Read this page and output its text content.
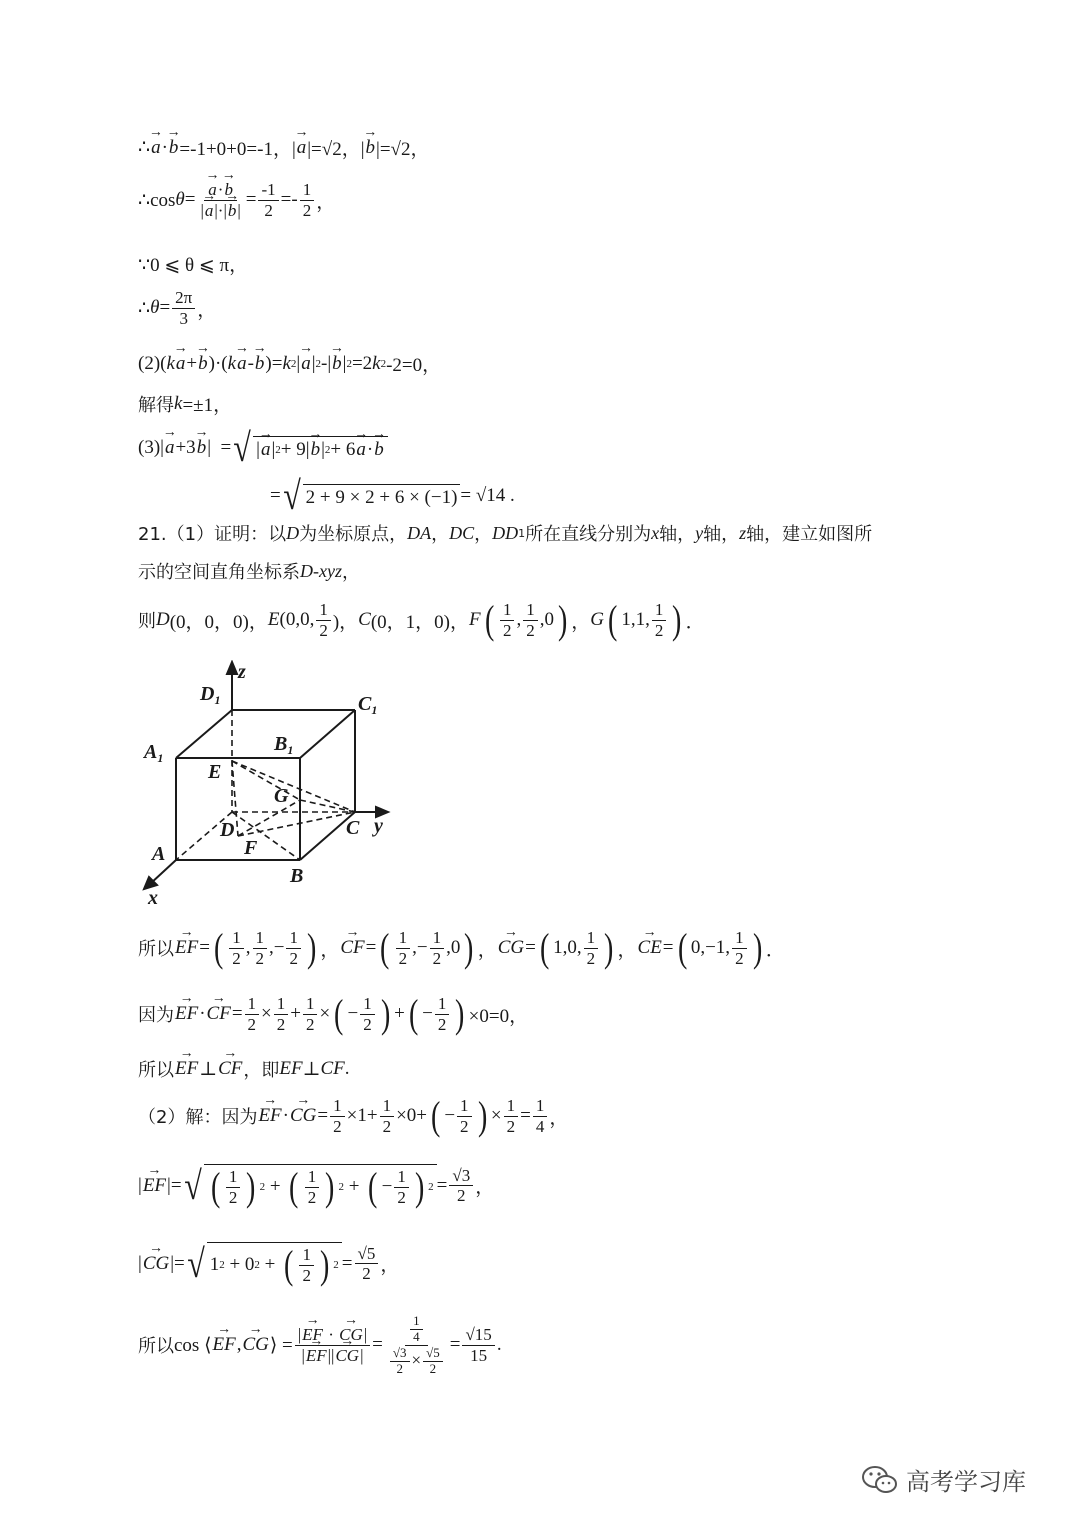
∴ → a · → b =-1+0+0=-1，| → a |=√2，| → b |=√2，
∴cos θ = → $\frac{a\cdot\to b}{|\to a|\cdot|\to b|} = \frac{-1}{2} =- \frac{1}{2}$ ，
∵0 ⩽ θ ⩽ π，
∴ $\theta = \frac{2\pi}{3}$ ，
(2)( k → a + → b )·( k → a - → b )= k 2 | → a | 2 -| → b | 2 =2 k 2 -2=0，
解得 k =±1，
(3)| → a +3 → b |  = √ | → a | 2 + 9| → b | 2 + 6 → a · → b
= √ 2 + 9 × 2 + 6 × (−1) = √14 .
21.（1）证明：以 D 为坐标原点， DA ， DC ， DD 1 所在直线分别为 x 轴， y 轴， z 轴，建立如图所
示的空间直角坐标系 D-xyz ，
则 D (0，0，0)， E (0,0, $\frac{1}{2}$ )， C (0，1，0)， F ( $\frac{1}{2}$ , $\frac{1}{2} ,0$ ) ， G ( 1,1, $\frac{1}{2}$ ) ．
z
$D_1$	$C_1$
$A_1$
$B_1$
E
G
D	C y
A	F
B
x
所以 → EF = ( $\frac{1}{2}$ , $\frac{1}{2}$ ,− $\frac{1}{2}$ ) ， → CF = ( $\frac{1}{2}$ ,− $\frac{1}{2} ,0$ ) ， → CG = ( 1,0, $\frac{1}{2}$ ) ， → CE = ( 0,−1, $\frac{1}{2}$ ) ．
因为 → EF · → CF = $\frac{1}{2} \times \frac{1}{2} + \frac{1}{2}$ × ( − $\frac{1}{2}$ ) + ( − $\frac{1}{2}$ ) ×0=0，
所以 → EF ⊥ → CF ，即 EF ⊥ CF .
（2）解：因为 → EF · → CG = $\frac{1}{2} \times 1+ \frac{1}{2} \times 0+$ ( − $\frac{1}{2}$ ) × $\frac{1}{2} = \frac{1}{4}$ ，
| → EF |= √ ( $\frac{1}{2}$ ) 2 + ( $\frac{1}{2}$ ) 2 + ( − $\frac{1}{2}$ ) $2 = \frac{√3}{2}$ ，
| → CG |= √ 1 2 + 0 2 + ( $\frac{1}{2}$ ) $2 = \frac{√5}{2}$ ，
所以 cos ⟨ → EF , → CG ⟩ = $\frac{|\to EF \cdot \to CG|}{|\to EF||\to CG|} = \frac{\frac{1}{4}}{\frac{√3}{2} \times \frac{√5}{2}} = \frac{√15}{15}$ .
高考学习库
